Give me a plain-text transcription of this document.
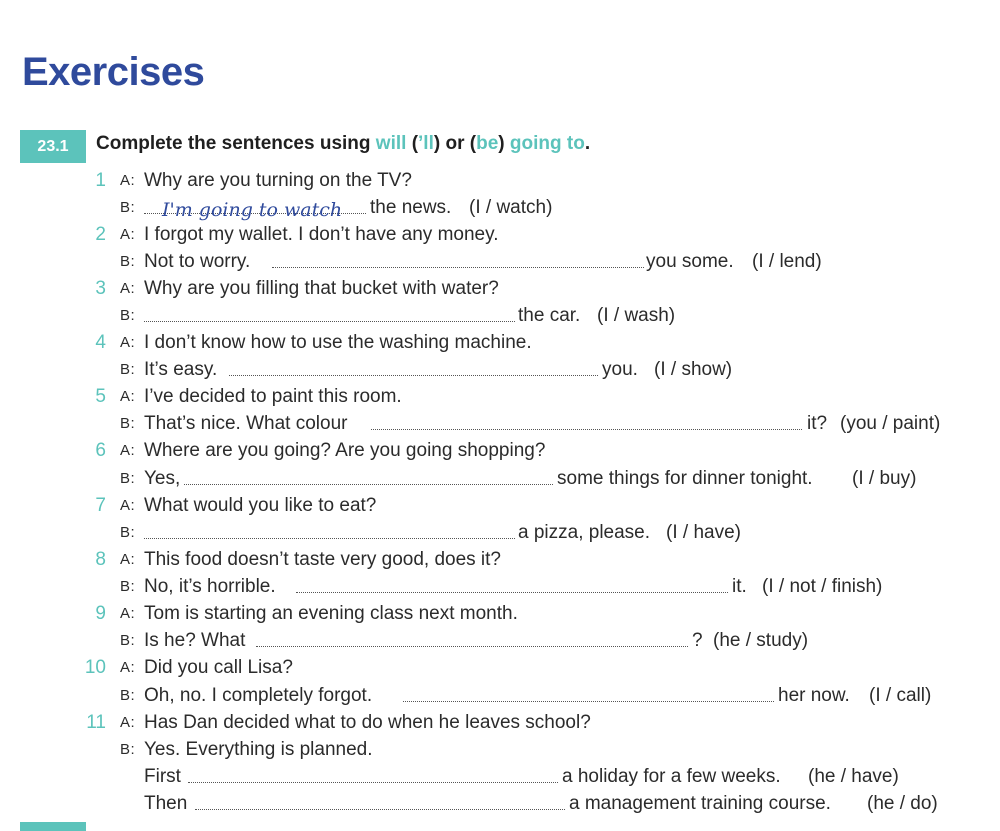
Exercises
23.1	Complete the sentences using will (’ll) or (be) going to.
1 A: Why are you turning on the TV?
B: I'm going to watch the news. (I / watch)
2 A: I forgot my wallet. I don’t have any money.
B: Not to worry.	you some. (I / lend)
3 A: Why are you filling that bucket with water?
B:	the car. (I / wash)
4 A: I don’t know how to use the washing machine.
B: It’s easy.	you. (I / show)
5 A: I’ve decided to paint this room.
B: That’s nice. What colour	it? (you / paint)
6 A: Where are you going? Are you going shopping?
B: Yes,	some things for dinner tonight. (I / buy)
7 A: What would you like to eat?
B:	a pizza, please. (I / have)
8 A: This food doesn’t taste very good, does it?
B: No, it’s horrible.	it. (I / not / finish)
9 A: Tom is starting an evening class next month.
B: Is he? What	? (he / study)
10 A: Did you call Lisa?
B: Oh, no. I completely forgot.	her now. (I / call)
11 A: Has Dan decided what to do when he leaves school?
B: Yes. Everything is planned.
First	a holiday for a few weeks. (he / have)
Then	a management training course. (he / do)
